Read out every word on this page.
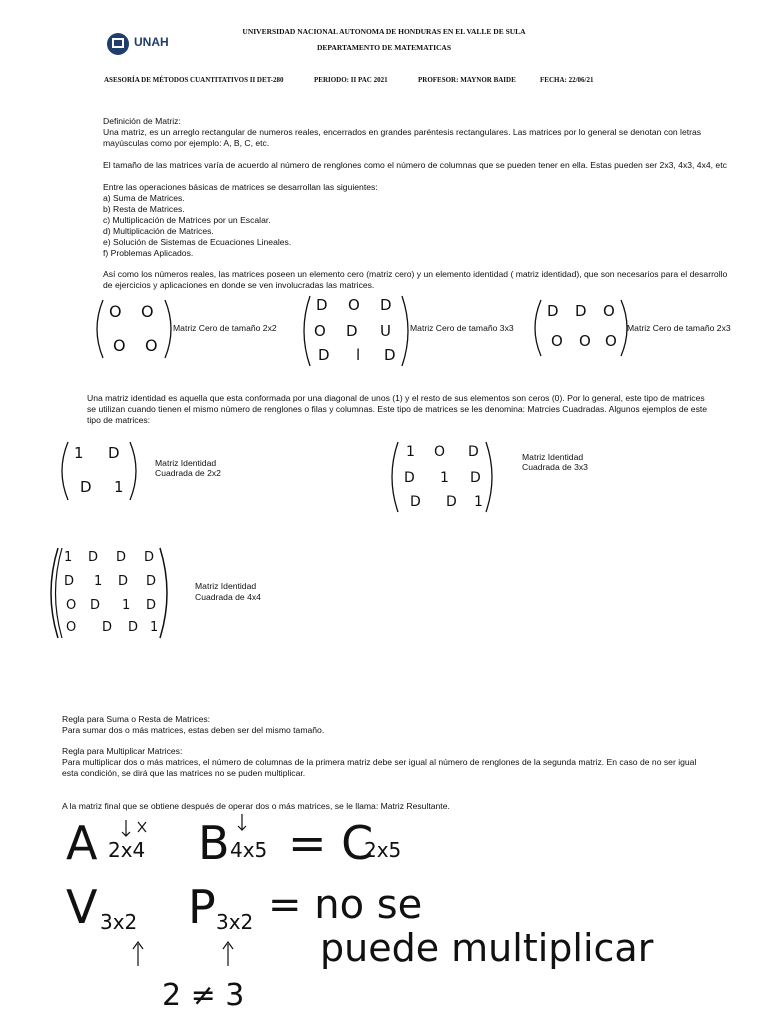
UNIVERSIDAD NACIONAL AUTONOMA DE HONDURAS EN EL VALLE DE SULA
DEPARTAMENTO DE MATEMATICAS
UNAH
ASESORÍA DE MÉTODOS CUANTITATIVOS II DET-280	PERIODO: II PAC 2021	PROFESOR: MAYNOR BAIDE	FECHA: 22/06/21
Definición de Matriz:
Una matriz, es un arreglo rectangular de numeros reales, encerrados en grandes paréntesis rectangulares. Las matrices por lo general se denotan con letras
mayúsculas como por ejemplo: A, B, C, etc.
El tamaño de las matrices varía de acuerdo al número de renglones como el número de columnas que se pueden tener en ella. Estas pueden ser 2x3, 4x3, 4x4, etc
Entre las operaciones básicas de matrices se desarrollan las siguientes:
a) Suma de Matrices.
b) Resta de Matrices.
c) Multiplicación de Matrices por un Escalar.
d) Multiplicación de Matrices.
e) Solución de Sistemas de Ecuaciones Lineales.
f) Problemas Aplicados.
Así como los números reales, las matrices poseen un elemento cero (matriz cero) y un elemento identidad ( matriz identidad), que son necesarios para el desarrollo
de ejercicios y aplicaciones en donde se ven involucradas las matrices.
O O
O O
Matriz Cero de tamaño 2x2
D O D
O D U
D l D
Matriz Cero de tamaño 3x3
D D O
O O O
Matriz Cero de tamaño 2x3
Una matriz identidad es aquella que esta conformada por una diagonal de unos (1) y el resto de sus elementos son ceros (0). Por lo general, este tipo de matrices
se utilizan cuando tienen el mismo número de renglones o filas y columnas. Este tipo de matrices se les denomina: Matrcies Cuadradas. Algunos ejemplos de este
tipo de matrices:
1 D
D 1
Matriz Identidad
Cuadrada de 2x2
1 O D
D 1 D
D D 1
Matriz Identidad
Cuadrada de 3x3
1 D D D
D 1 D D
O D 1 D
O D D 1
Matriz Identidad
Cuadrada de 4x4
Regla para Suma o Resta de Matrices:
Para sumar dos o más matrices, estas deben ser del mismo tamaño.
Regla para Multiplicar Matrices:
Para multiplicar dos o más matrices, el número de columnas de la primera matriz debe ser igual al número de renglones de la segunda matriz. En caso de no ser igual
esta condición, se dirá que las matrices no se puden multiplicar.
A la matriz final que se obtiene después de operar dos o más matrices, se le llama: Matriz Resultante.
A 2x4 B 4x5 = C
2x5
V 3x2 P 3x2 = no se
puede multiplicar
2 ≠ 3
